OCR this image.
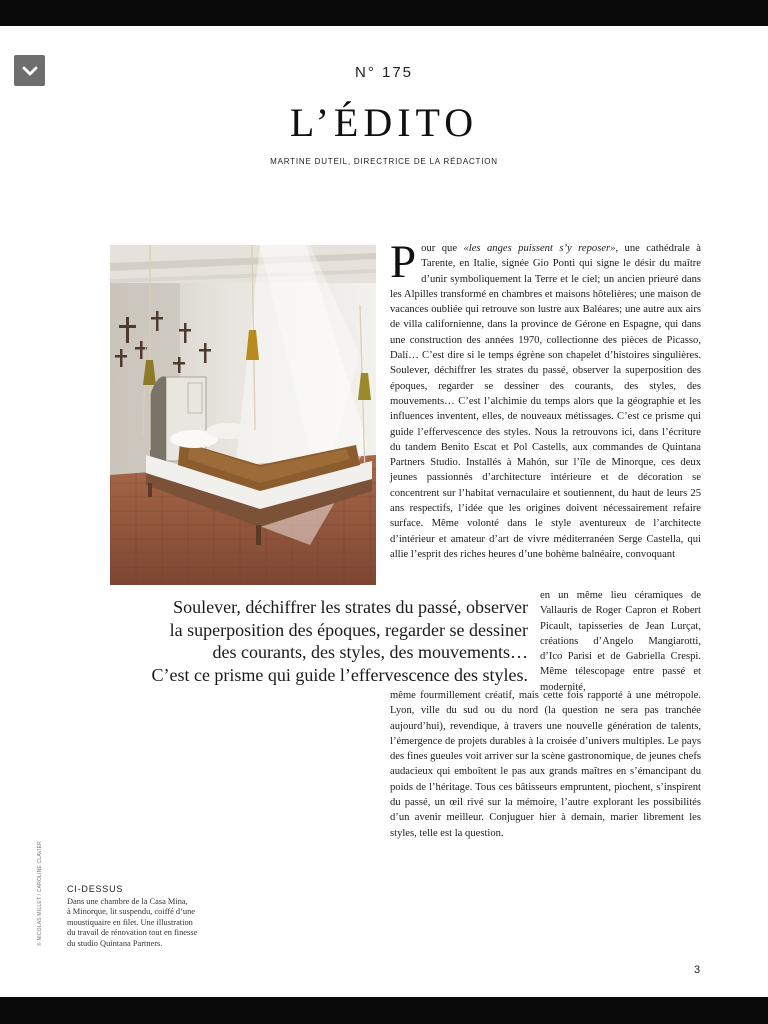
N° 175
L’ÉDITO
MARTINE DUTEIL, DIRECTRICE DE LA RÉDACTION

Pour que «les anges puissent s’y reposer», une cathédrale à Tarente, en Italie, signée Gio Ponti qui signe le désir du maître d’unir symboliquement la Terre et le ciel; un ancien prieuré dans les Alpilles transformé en chambres et maisons hôtelières; une maison de vacances oubliée qui retrouve son lustre aux Baléares; une autre aux airs de villa californienne, dans la province de Gérone en Espagne, qui dans une construction des années 1970, collectionne des pièces de Picasso, Dalí… C’est dire si le temps égrène son chapelet d’histoires singulières. Soulever, déchiffrer les strates du passé, observer la superposition des époques, regarder se dessiner des courants, des styles, des mouvements… C’est l’alchimie du temps alors que la géographie et les influences inventent, elles, de nouveaux métissages. C’est ce prisme qui guide l’effervescence des styles. Nous la retrouvons ici, dans l’écriture du tandem Benito Escat et Pol Castells, aux commandes de Quintana Partners Studio. Installés à Mahón, sur l’île de Minorque, ces deux jeunes passionnés d’architecture intérieure et de décoration se concentrent sur l’habitat vernaculaire et soutiennent, du haut de leurs 25 ans respectifs, l’idée que les origines doivent nécessairement refaire surface. Même volonté dans le style aventureux de l’architecte d’intérieur et amateur d’art de vivre méditerranéen Serge Castella, qui allie l’esprit des riches heures d’une bohème balnéaire, convoquant

en un même lieu céramiques de Vallauris de Roger Capron et Robert Picault, tapisseries de Jean Lurçat, créations d’Angelo Mangiarotti, d’Ico Parisi et de Gabriella Crespi. Même télescopage entre passé et modernité,

même fourmillement créatif, mais cette fois rapporté à une métropole. Lyon, ville du sud ou du nord (la question ne sera pas tranchée aujourd’hui), revendique, à travers une nouvelle génération de talents, l’émergence de projets durables à la croisée d’univers multiples. Le pays des fines gueules voit arriver sur la scène gastronomique, de jeunes chefs audacieux qui emboîtent le pas aux grands maîtres en s’émancipant du poids de l’héritage. Tous ces bâtisseurs empruntent, piochent, s’inspirent du passé, un œil rivé sur la mémoire, l’autre explorant les possibilités d’un avenir meilleur. Conjuguer hier à demain, marier librement les styles, telle est la question.

Soulever, déchiffrer les strates du passé, observer
la superposition des époques, regarder se dessiner
des courants, des styles, des mouvements…
C’est ce prisme qui guide l’effervescence des styles.
© NICOLAS MILLET / CAROLINE CLAVIER	CI-DESSUS
Dans une chambre de la Casa Mina,
à Minorque, lit suspendu, coiffé d’une
moustiquaire en filet. Une illustration
du travail de rénovation tout en finesse
du studio Quintana Partners.
3
